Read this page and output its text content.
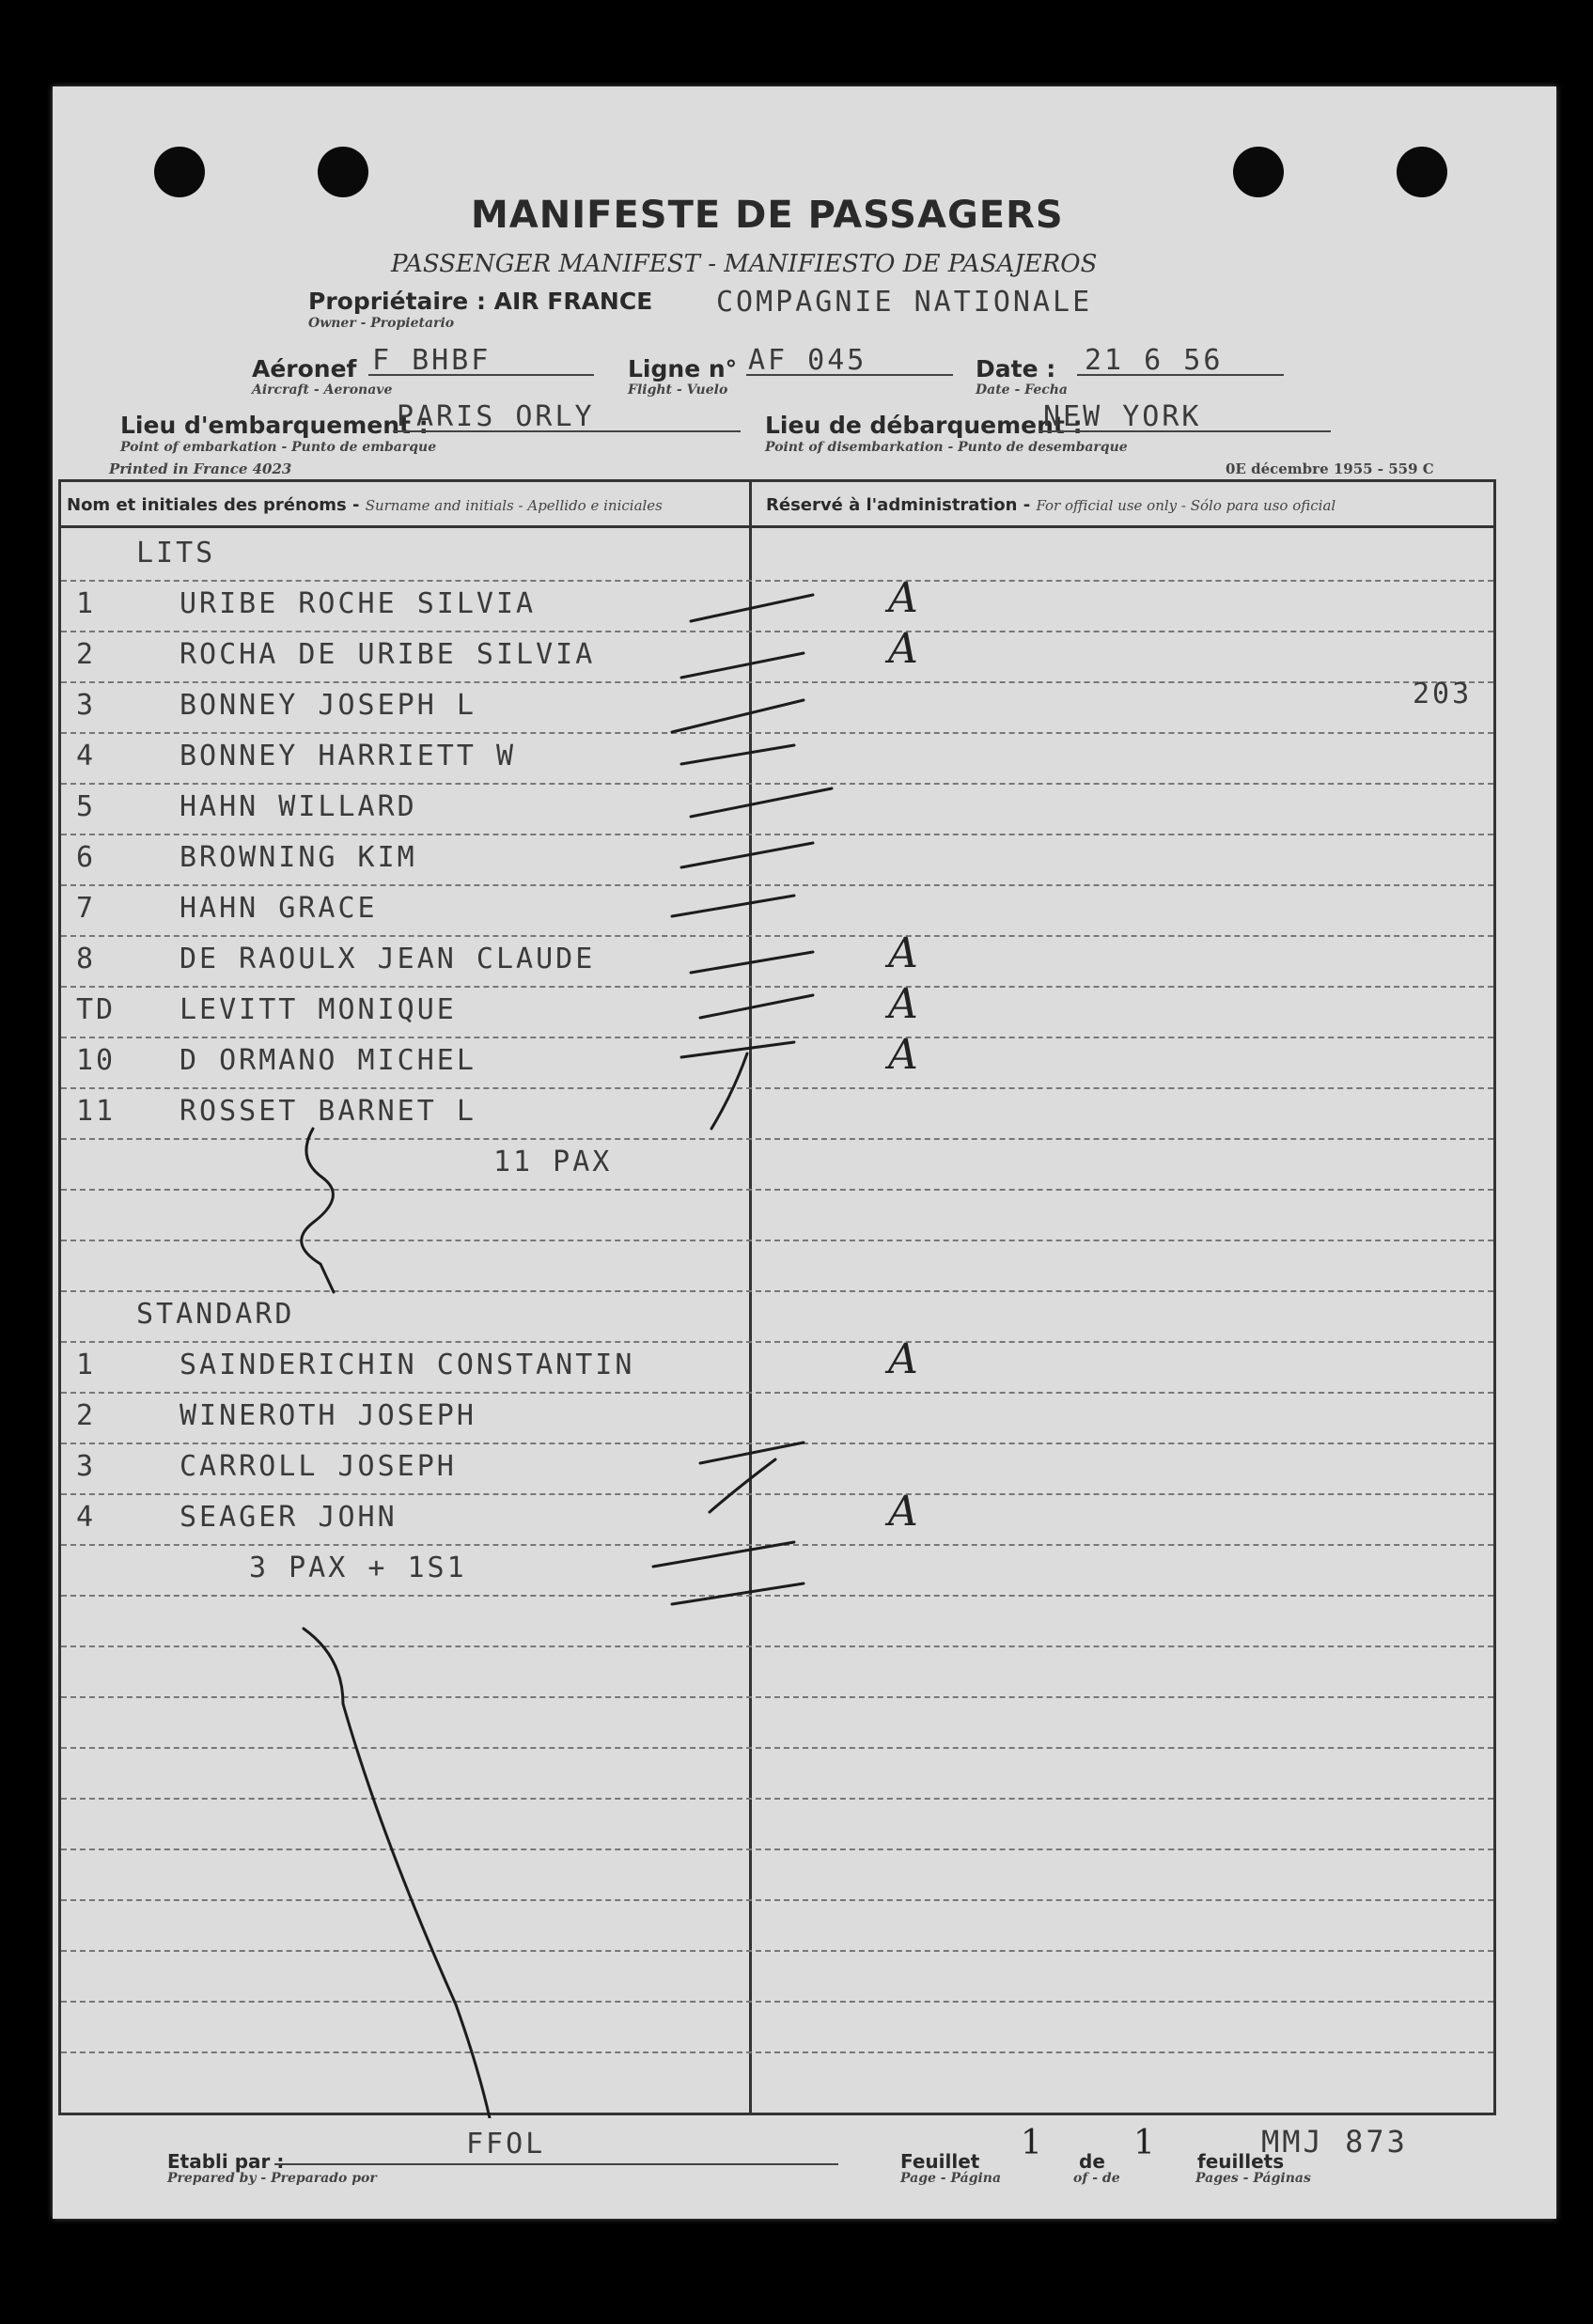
MANIFESTE DE PASSAGERS
PASSENGER MANIFEST - MANIFIESTO DE PASAJEROS
Propriétaire : AIR FRANCE
Owner - Propietario
COMPAGNIE NATIONALE
Aéronef
Aircraft - Aeronave
F BHBF	Ligne n°
Flight - Vuelo
AF 045	Date :
Date - Fecha
21 6 56
Lieu d'embarquement :
Point of embarkation - Punto de embarque
PARIS ORLY	Lieu de débarquement :
Point of disembarkation - Punto de desembarque
NEW YORK
Printed in France 4023	0E décembre 1955 - 559 C
Nom et initiales des prénoms - Surname and initials - Apellido e iniciales	Réservé à l'administration - For official use only - Sólo para uso oficial
LITS
1	URIBE ROCHE SILVIA	A
2	ROCHA DE URIBE SILVIA	A
3	BONNEY JOSEPH L
4	BONNEY HARRIETT W
5	HAHN WILLARD
6	BROWNING KIM
7	HAHN GRACE
8	DE RAOULX JEAN CLAUDE	A
TD LEVITT MONIQUE	A
10 D ORMANO MICHEL	A
11 ROSSET BARNET L
11 PAX
STANDARD
1	SAINDERICHIN CONSTANTIN	A
2	WINEROTH JOSEPH
3	CARROLL JOSEPH
4	SEAGER JOHN	A
3 PAX + 1S1
203
Etabli par :
Prepared by - Preparado por
FFOL
Feuillet
Page - Página
1 de
of - de
1 feuillets
Pages - Páginas
MMJ 873
